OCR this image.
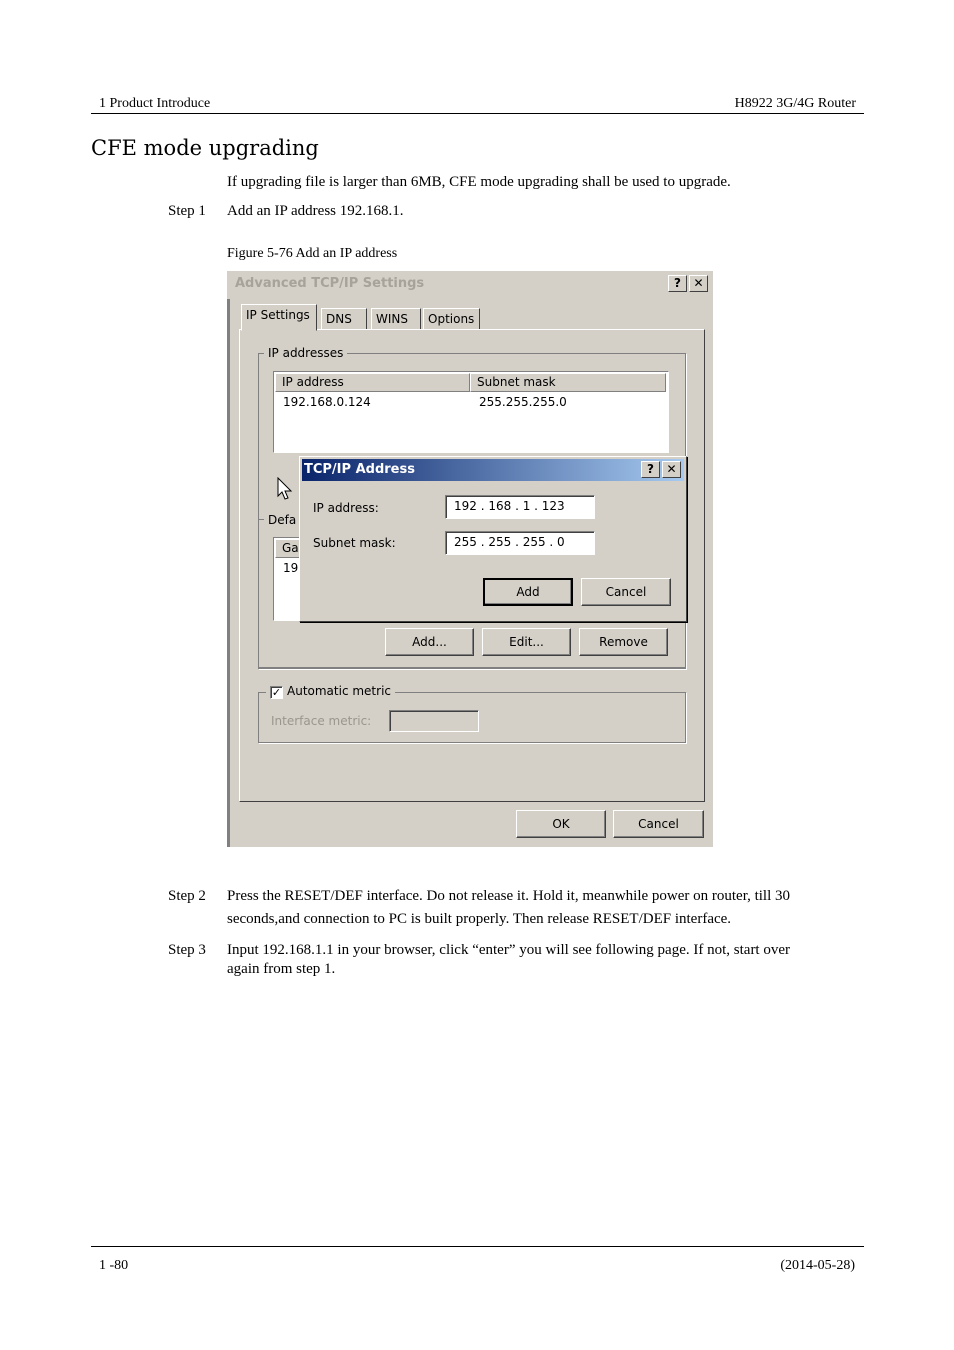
1 Product Introduce	H8922 3G/4G Router
CFE mode upgrading
If upgrading file is larger than 6MB, CFE mode upgrading shall be used to upgrade.
Step 1 Add an IP address 192.168.1.
Figure 5-76 Add an IP address
Advanced TCP/IP Settings	?	✕
IP Settings	DNS	WINS	Options
IP addresses
IP address	Subnet mask
192.168.0.124	255.255.255.0
Defa
Ga
19
Add...	Edit...	Remove
Automatic metric
✓
Interface metric:
OK	Cancel
TCP/IP Address	?	✕
IP address:	192 . 168 . 1 . 123
Subnet mask:	255 . 255 . 255 . 0
Add	Cancel
Step 2 Press the RESET/DEF interface. Do not release it. Hold it, meanwhile power on router, till 30
seconds,and connection to PC is built properly. Then release RESET/DEF interface.
Step 3 Input 192.168.1.1 in your browser, click “enter” you will see following page. If not, start over
again from step 1.
1 -80	(2014-05-28)
